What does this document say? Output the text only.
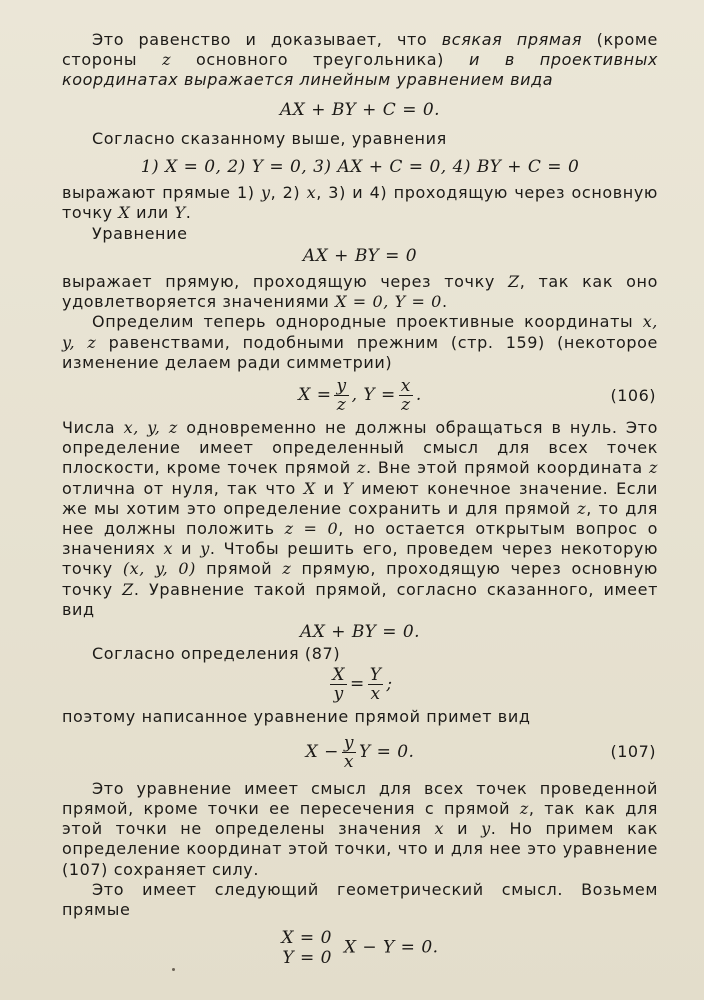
Это равенство и доказывает, что всякая прямая (кроме стороны z основного треугольника) и в проективных координатах выражается линейным уравнением вида

AX + BY + C = 0.

Согласно сказанному выше, уравнения

1) X = 0, 2) Y = 0, 3) AX + C = 0, 4) BY + C = 0

выражают прямые 1) y, 2) x, 3) и 4) проходящую через основную точку X или Y.

Уравнение

AX + BY = 0

выражает прямую, проходящую через точку Z, так как оно удовлетворяется значениями X = 0, Y = 0.

Определим теперь однородные проективные координаты x, y, z равенствами, подобными прежним (стр. 159) (некоторое изменение делаем ради симметрии)

$X = \frac{y}{z}$ , $Y = \frac{x}{z}$ .	(106)

Числа x, y, z одновременно не должны обращаться в нуль. Это определение имеет определенный смысл для всех точек плоскости, кроме точек прямой z. Вне этой прямой координата z отлична от нуля, так что X и Y имеют конечное значение. Если же мы хотим это определение сохранить и для прямой z, то для нее должны положить z = 0, но остается открытым вопрос о значениях x и y. Чтобы решить его, проведем через некоторую точку (x, y, 0) прямой z прямую, проходящую через основную точку Z. Уравнение такой прямой, согласно сказанного, имеет вид

AX + BY = 0.

Согласно определения (87)

$\frac{X}{y} = \frac{Y}{x}$ ;

поэтому написанное уравнение прямой примет вид

$X - \frac{y}{x}$ Y = 0.	(107)

Это уравнение имеет смысл для всех точек проведенной прямой, кроме точки ее пересечения с прямой z, так как для этой точки не определены значения x и y. Но примем как определение координат этой точки, что и для нее это уравнение (107) сохраняет силу.

Это имеет следующий геометрический смысл. Возьмем прямые

X = 0
Y = 0
X − Y = 0.
